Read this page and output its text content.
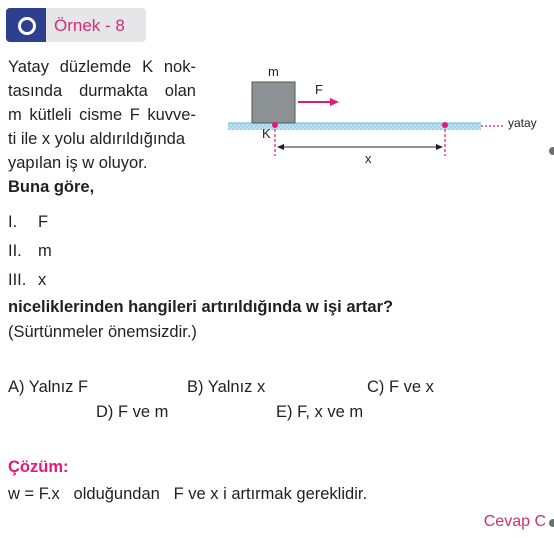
Örnek - 8
Yatay düzlemde K nok-
tasında durmakta olan
m kütleli cisme F kuvve-
ti ile x yolu aldırıldığında
yapılan iş w oluyor.
Buna göre,
I. F
II. m
III. x
niceliklerinden hangileri artırıldığında w işi artar?
(Sürtünmeler önemsizdir.)
A) Yalnız F	B) Yalnız x	C) F ve x
D) F ve m	E) F, x ve m
Çözüm:
w = F.x   olduğundan   F ve x i artırmak gereklidir.
Cevap C
m
F
K
x
yatay
